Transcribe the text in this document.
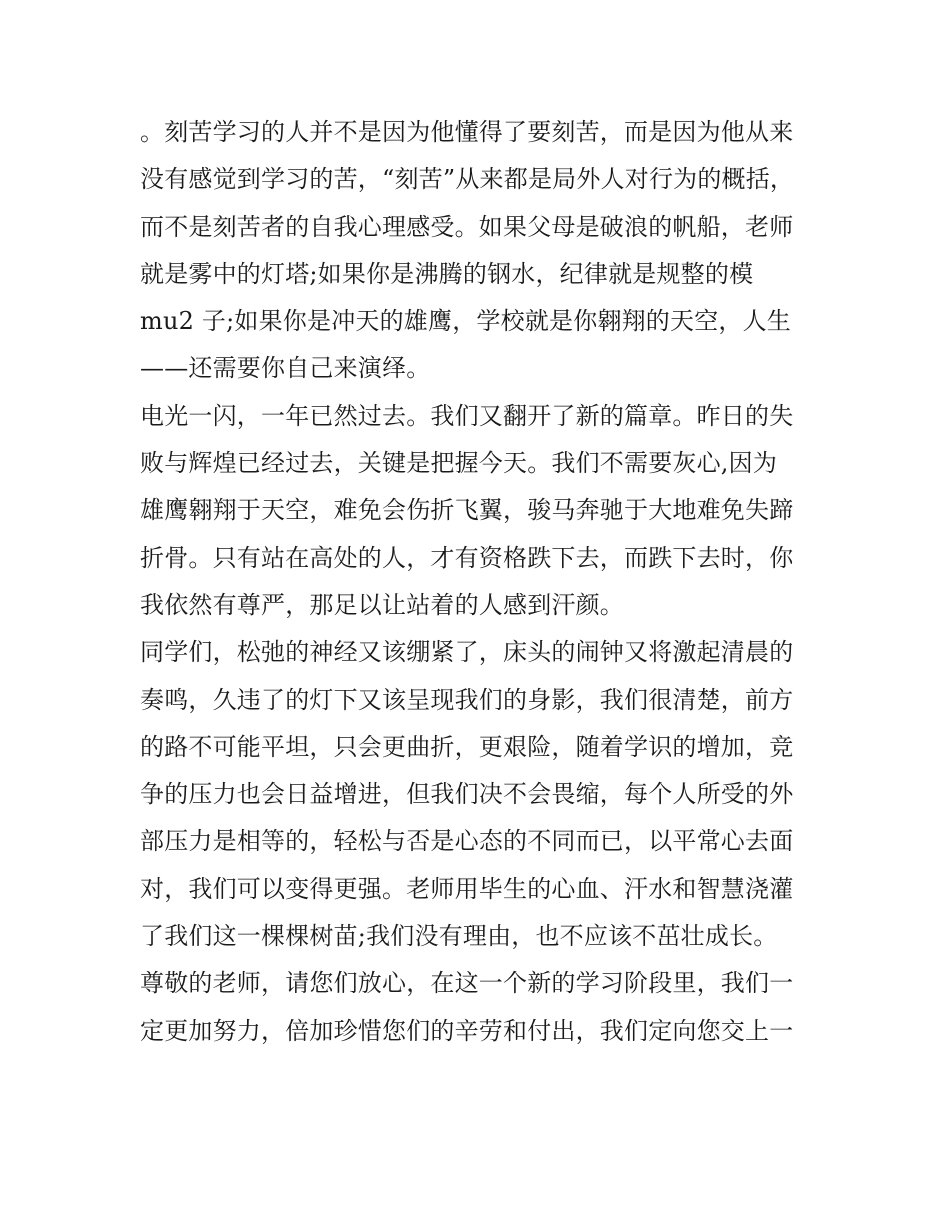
。刻苦学习的人并不是因为他懂得了要刻苦，而是因为他从来
没有感觉到学习的苦，“刻苦”从来都是局外人对行为的概括，
而不是刻苦者的自我心理感受。如果父母是破浪的帆船，老师
就是雾中的灯塔;如果你是沸腾的钢水，纪律就是规整的模
mu2 子;如果你是冲天的雄鹰，学校就是你翱翔的天空，人生
——还需要你自己来演绎。
电光一闪，一年已然过去。我们又翻开了新的篇章。昨日的失
败与辉煌已经过去，关键是把握今天。我们不需要灰心,因为
雄鹰翱翔于天空，难免会伤折飞翼，骏马奔驰于大地难免失蹄
折骨。只有站在高处的人，才有资格跌下去，而跌下去时，你
我依然有尊严，那足以让站着的人感到汗颜。
同学们，松弛的神经又该绷紧了，床头的闹钟又将激起清晨的
奏鸣，久违了的灯下又该呈现我们的身影，我们很清楚，前方
的路不可能平坦，只会更曲折，更艰险，随着学识的增加，竞
争的压力也会日益增进，但我们决不会畏缩，每个人所受的外
部压力是相等的，轻松与否是心态的不同而已，以平常心去面
对，我们可以变得更强。老师用毕生的心血、汗水和智慧浇灌
了我们这一棵棵树苗;我们没有理由，也不应该不茁壮成长。
尊敬的老师，请您们放心，在这一个新的学习阶段里，我们一
定更加努力，倍加珍惜您们的辛劳和付出，我们定向您交上一
